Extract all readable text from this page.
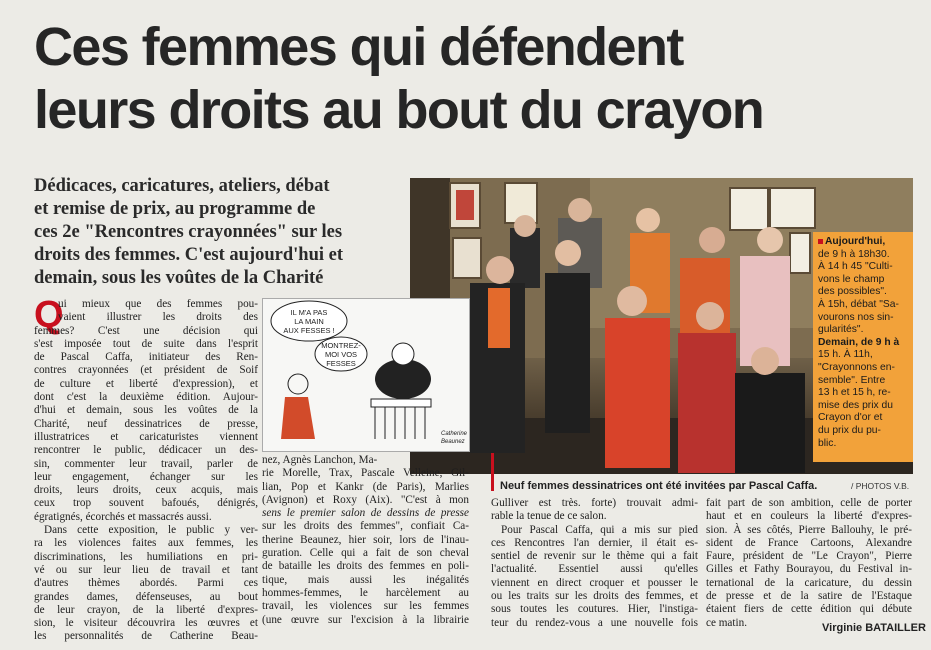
Ces femmes qui défendent
leurs droits au bout du crayon
Dédicaces, caricatures, ateliers, débat
et remise de prix, au programme de
ces 2e "Rencontres crayonnées" sur les
droits des femmes. C'est aujourd'hui et
demain, sous les voûtes de la Charité

Aujourd'hui,

de 9 h à 18h30.

À 14 h 45 "Culti-

vons le champ

des possibles".

À 15h, débat "Sa-

vourons nos sin-

gularités".

Demain, de 9 h à

15 h. À 11h,

"Crayonnons en-

semble". Entre

13 h et 15 h, re-

mise des prix du

Crayon d'or et

du prix du pu-

blic.

IL M'A PAS
LA MAIN
AUX FESSES !
MONTREZ-
MOI VOS
FESSES
Catherine
Beaunez
Neuf femmes dessinatrices ont été invitées par Pascal Caffa.	/ PHOTOS V.B.
Q
ui mieux que des femmes pou-
vaient illustrer les droits des
femmes? C'est une décision qui
s'est imposée tout de suite dans l'esprit
de Pascal Caffa, initiateur des Ren-
contres crayonnées (et président de Soif
de culture et liberté d'expression), et
dont c'est la deuxième édition. Aujour-
d'hui et demain, sous les voûtes de la
Charité, neuf dessinatrices de presse,
illustratrices et caricaturistes viennent
rencontrer le public, dédicacer un des-
sin, commenter leur travail, parler de
leur engagement, échanger sur les
droits, leurs droits, ceux acquis, mais
ceux trop souvent bafoués, dénigrés,
égratignés, écorchés et massacrés aussi.
Dans cette exposition, le public y ver-
ra les violences faites aux femmes, les
discriminations, les humiliations en pri-
vé ou sur leur lieu de travail et tant
d'autres thèmes abordés. Parmi ces
grandes dames, défenseuses, au bout
de leur crayon, de la liberté d'expres-
sion, le visiteur découvrira les œuvres et
les personnalités de Catherine Beau-
nez, Agnès Lanchon, Ma-
rie Morelle, Trax, Pascale Velleine, Gil-
lian, Pop et Kankr (de Paris), Marlies
(Avignon) et Roxy (Aix). "C'est à mon
sens le premier salon de dessins de presse
sur les droits des femmes", confiait Ca-
therine Beaunez, hier soir, lors de l'inau-
guration. Celle qui a fait de son cheval
de bataille les droits des femmes en poli-
tique, mais aussi les inégalités
hommes-femmes, le harcèlement au
travail, les violences sur les femmes
(une œuvre sur l'excision à la librairie
Gulliver est très. forte) trouvait admi-
rable la tenue de ce salon.
Pour Pascal Caffa, qui a mis sur pied
ces Rencontres l'an dernier, il était es-
sentiel de revenir sur le thème qui a fait
l'actualité. Essentiel aussi qu'elles
viennent en direct croquer et pousser le
ou les traits sur les droits des femmes, et
sous toutes les coutures. Hier, l'instiga-
teur du rendez-vous a une nouvelle fois
fait part de son ambition, celle de porter
haut et en couleurs la liberté d'expres-
sion. À ses côtés, Pierre Ballouhy, le pré-
sident de France Cartoons, Alexandre
Faure, président de "Le Crayon", Pierre
Gilles et Fathy Bourayou, du Festival in-
ternational de la caricature, du dessin
de presse et de la satire de l'Estaque
étaient fiers de cette édition qui débute
ce matin.	Virginie BATAILLER
